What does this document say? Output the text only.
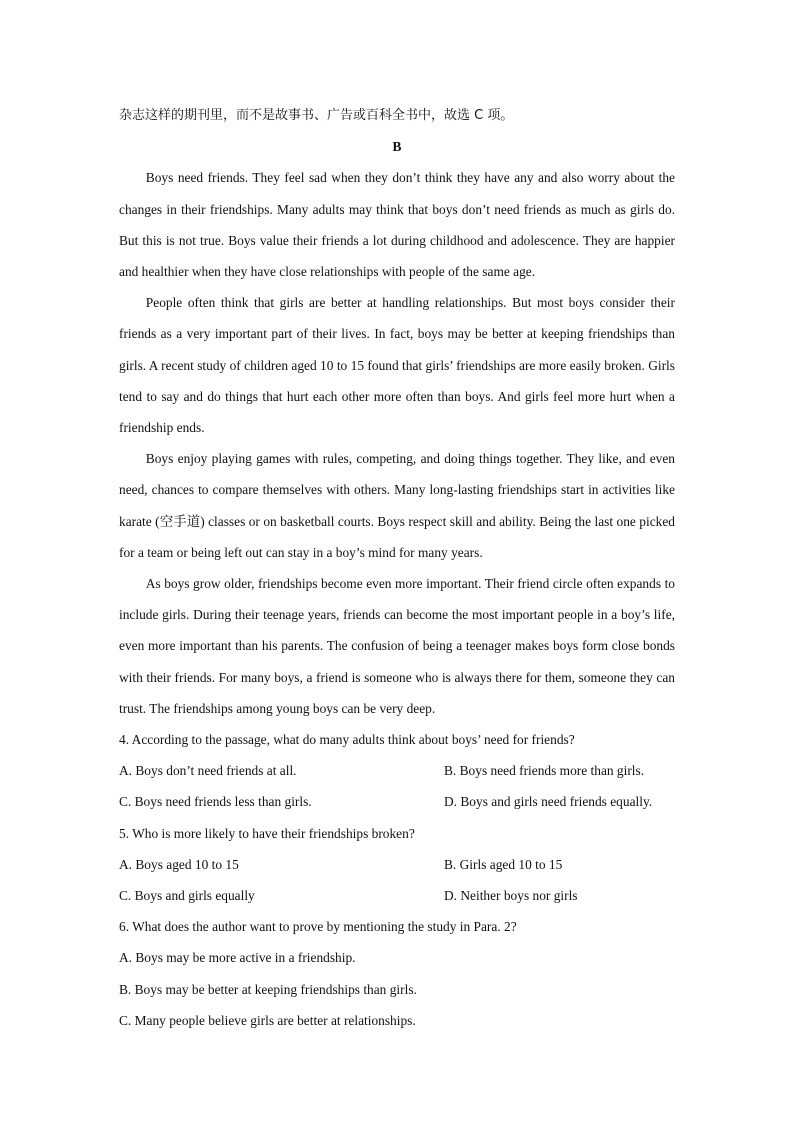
杂志这样的期刊里，而不是故事书、广告或百科全书中，故选 C 项。
B

Boys need friends. They feel sad when they don’t think they have any and also worry about the changes in their friendships. Many adults may think that boys don’t need friends as much as girls do. But this is not true. Boys value their friends a lot during childhood and adolescence. They are happier and healthier when they have close relationships with people of the same age.

People often think that girls are better at handling relationships. But most boys consider their friends as a very important part of their lives. In fact, boys may be better at keeping friendships than girls. A recent study of children aged 10 to 15 found that girls’ friendships are more easily broken. Girls tend to say and do things that hurt each other more often than boys. And girls feel more hurt when a friendship ends.

Boys enjoy playing games with rules, competing, and doing things together. They like, and even need, chances to compare themselves with others. Many long-lasting friendships start in activities like karate (空手道) classes or on basketball courts. Boys respect skill and ability. Being the last one picked for a team or being left out can stay in a boy’s mind for many years.

As boys grow older, friendships become even more important. Their friend circle often expands to include girls. During their teenage years, friends can become the most important people in a boy’s life, even more important than his parents. The confusion of being a teenager makes boys form close bonds with their friends. For many boys, a friend is someone who is always there for them, someone they can trust. The friendships among young boys can be very deep.

4. According to the passage, what do many adults think about boys’ need for friends?
A. Boys don’t need friends at all.	B. Boys need friends more than girls.
C. Boys need friends less than girls.	D. Boys and girls need friends equally.
5. Who is more likely to have their friendships broken?
A. Boys aged 10 to 15	B. Girls aged 10 to 15
C. Boys and girls equally	D. Neither boys nor girls
6. What does the author want to prove by mentioning the study in Para. 2?
A. Boys may be more active in a friendship.
B. Boys may be better at keeping friendships than girls.
C. Many people believe girls are better at relationships.
